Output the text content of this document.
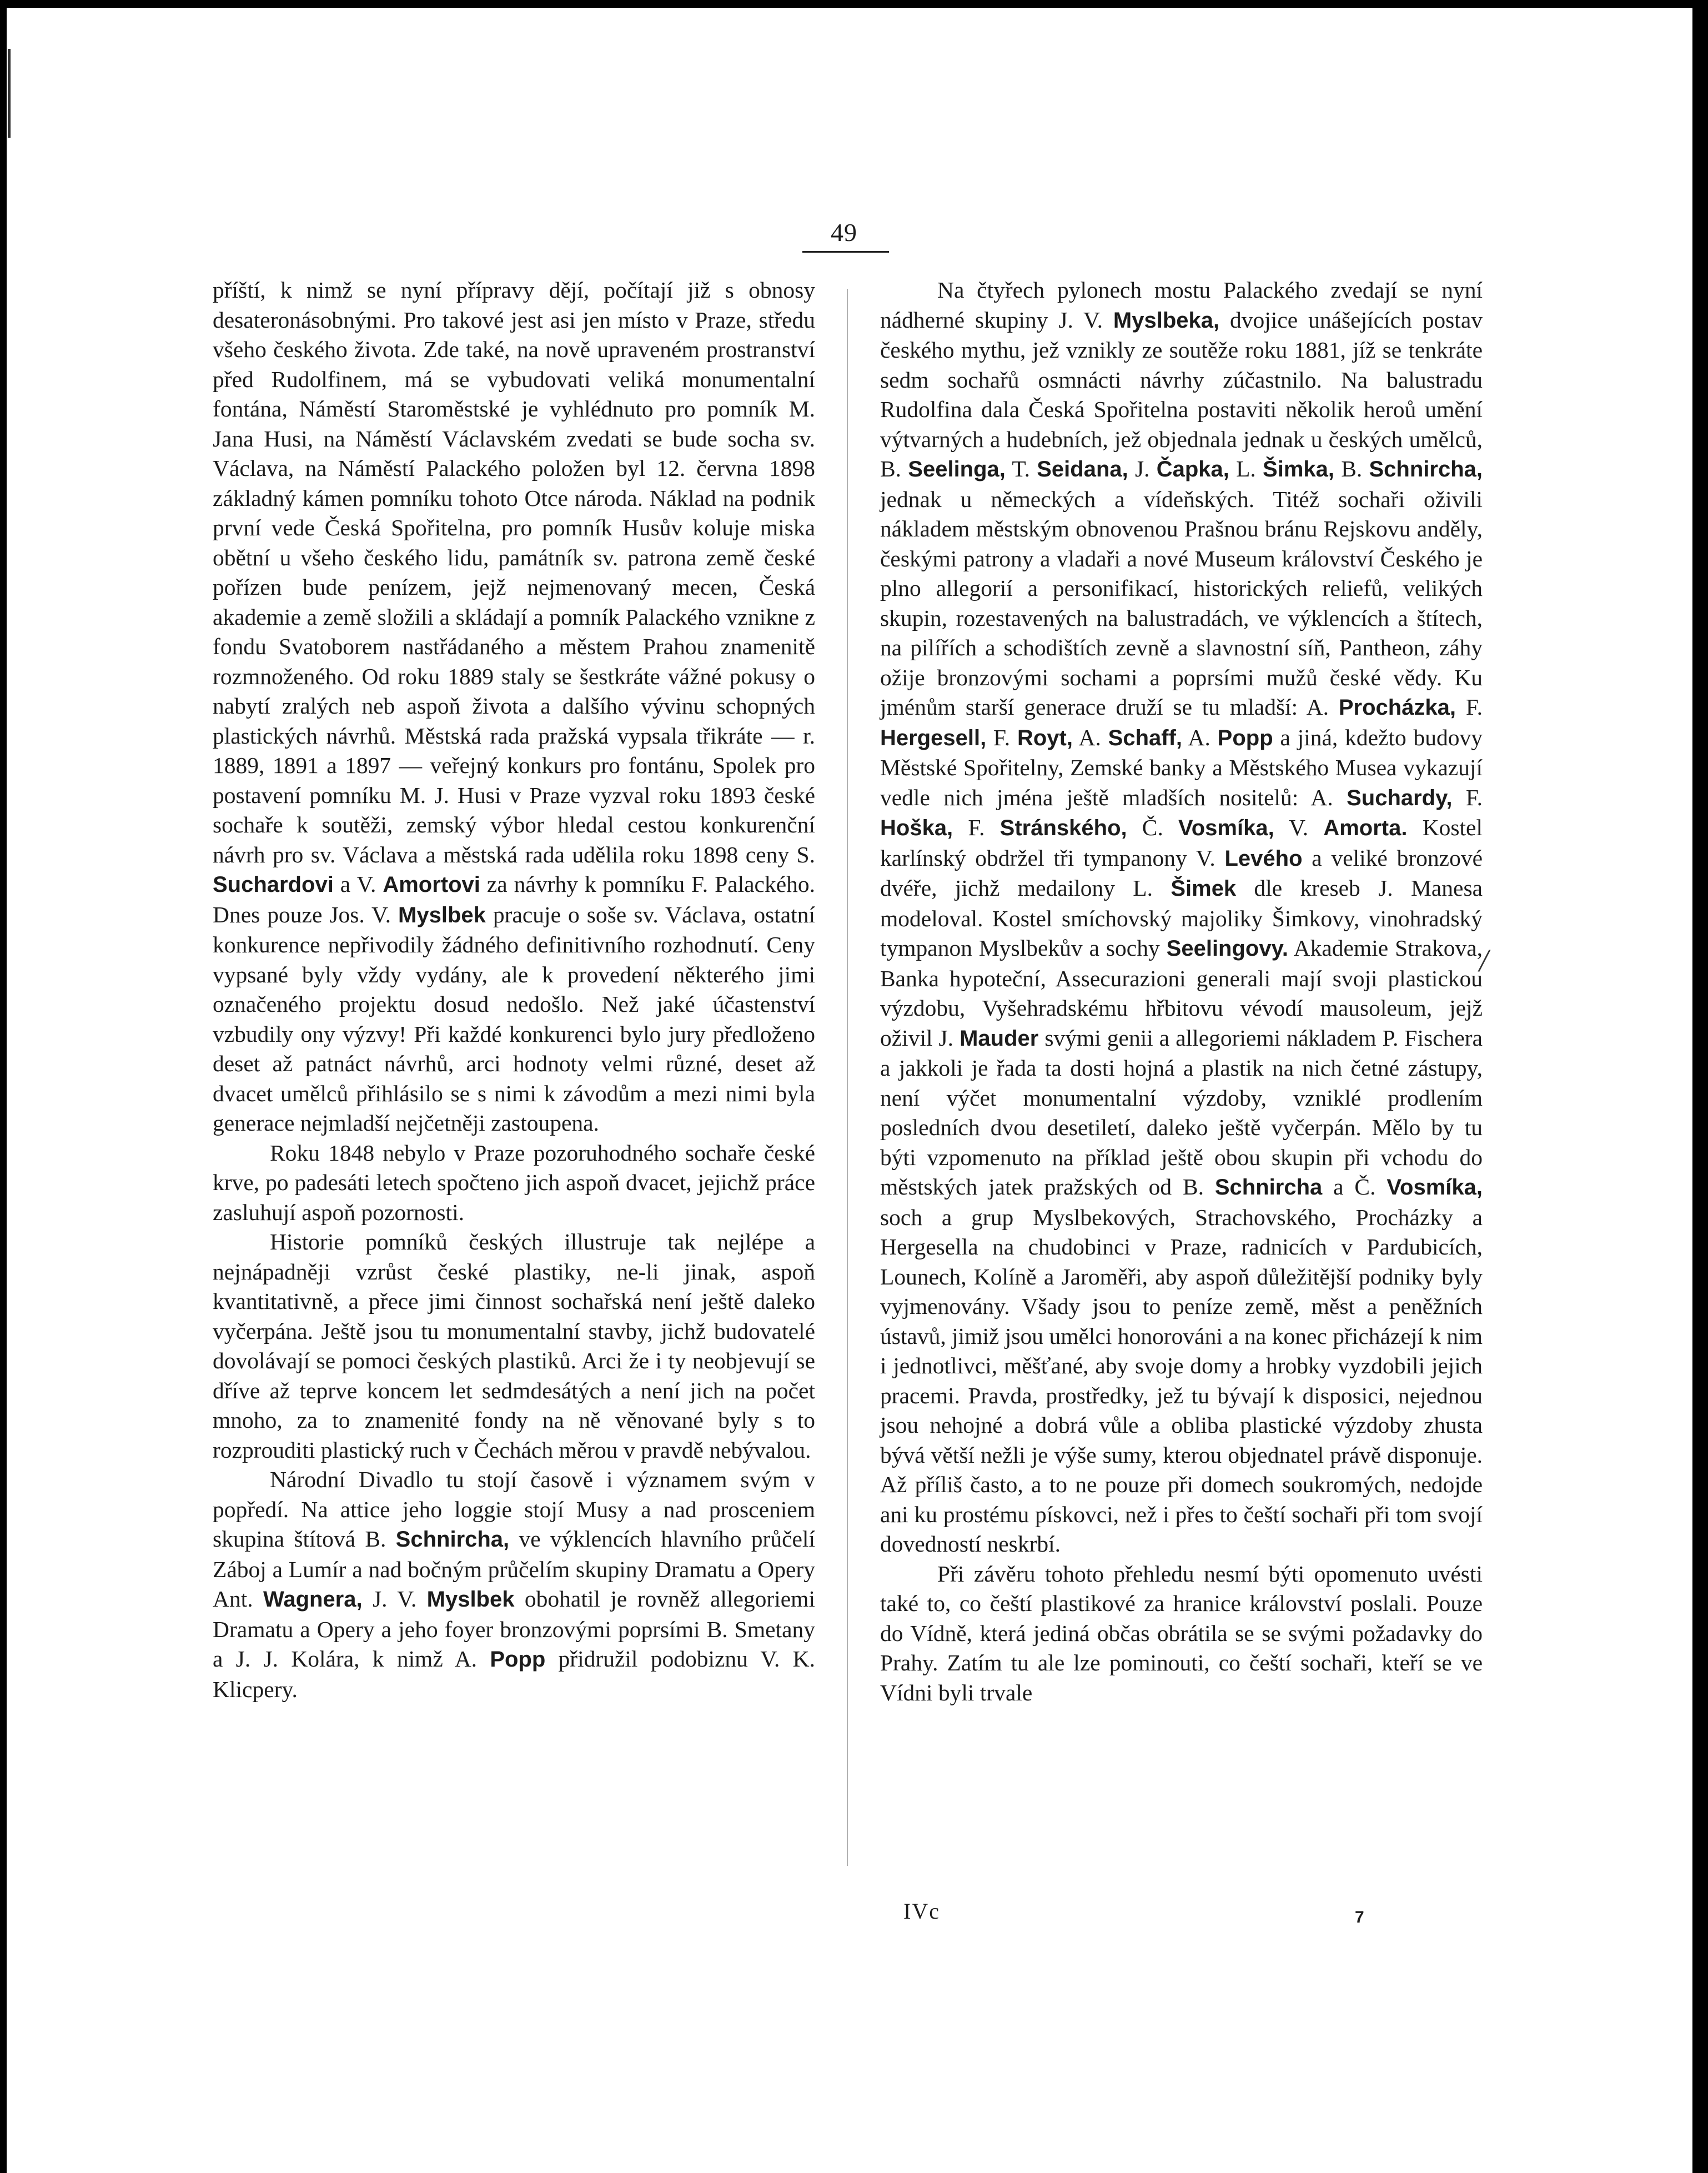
49

příští, k nimž se nyní přípravy dějí, počítají již s obnosy desateronásobnými. Pro takové jest asi jen místo v Praze, středu všeho českého života. Zde také, na nově upraveném prostranství před Rudolfinem, má se vybudovati veliká monumentalní fontána, Náměstí Staroměstské je vyhlédnuto pro pomník M. Jana Husi, na Náměstí Václavském zvedati se bude socha sv. Václava, na Náměstí Palackého položen byl 12. června 1898 základný kámen pomníku tohoto Otce národa. Náklad na podnik první vede Česká Spořitelna, pro pomník Husův koluje miska obětní u všeho českého lidu, památník sv. patrona země české pořízen bude penízem, jejž nejmenovaný mecen, Česká akademie a země složili a skládají a pomník Palackého vznikne z fondu Svatoborem nastřádaného a městem Prahou znamenitě rozmnoženého. Od roku 1889 staly se šestkráte vážné pokusy o nabytí zralých neb aspoň života a dalšího vývinu schopných plastických návrhů. Městská rada pražská vypsala třikráte — r. 1889, 1891 a 1897 — veřejný konkurs pro fontánu, Spolek pro postavení pomníku M. J. Husi v Praze vyzval roku 1893 české sochaře k soutěži, zemský výbor hledal cestou konkurenční návrh pro sv. Václava a městská rada udělila roku 1898 ceny S. Suchardovi a V. Amortovi za návrhy k pomníku F. Palackého. Dnes pouze Jos. V. Myslbek pracuje o soše sv. Václava, ostatní konkurence nepřivodily žádného definitivního rozhodnutí. Ceny vypsané byly vždy vydány, ale k provedení některého jimi označeného projektu dosud nedošlo. Než jaké účastenství vzbudily ony výzvy! Při každé konkurenci bylo jury předloženo deset až patnáct návrhů, arci hodnoty velmi různé, deset až dvacet umělců přihlásilo se s nimi k závodům a mezi nimi byla generace nejmladší nejčetněji zastoupena.

Roku 1848 nebylo v Praze pozoruhodného sochaře české krve, po padesáti letech spočteno jich aspoň dvacet, jejichž práce zasluhují aspoň pozornosti.

Historie pomníků českých illustruje tak nejlépe a nejnápadněji vzrůst české plastiky, ne-li jinak, aspoň kvantitativně, a přece jimi činnost sochařská není ještě daleko vyčerpána. Ještě jsou tu monumentalní stavby, jichž budovatelé dovolávají se pomoci českých plastiků. Arci že i ty neobjevují se dříve až teprve koncem let sedmdesátých a není jich na počet mnoho, za to znamenité fondy na ně věnované byly s to rozprouditi plastický ruch v Čechách měrou v pravdě nebývalou.

Národní Divadlo tu stojí časově i významem svým v popředí. Na attice jeho loggie stojí Musy a nad prosceniem skupina štítová B. Schnircha, ve výklencích hlavního průčelí Záboj a Lumír a nad bočným průčelím skupiny Dramatu a Opery Ant. Wagnera, J. V. Myslbek obohatil je rovněž allegoriemi Dramatu a Opery a jeho foyer bronzovými poprsími B. Smetany a J. J. Kolára, k nimž A. Popp přidružil podobiznu V. K. Klicpery.

Na čtyřech pylonech mostu Palackého zvedají se nyní nádherné skupiny J. V. Myslbeka, dvojice unášejících postav českého mythu, jež vznikly ze soutěže roku 1881, jíž se tenkráte sedm sochařů osmnácti návrhy zúčastnilo. Na balustradu Rudolfina dala Česká Spořitelna postaviti několik heroů umění výtvarných a hudebních, jež objednala jednak u českých umělců, B. Seelinga, T. Seidana, J. Čapka, L. Šimka, B. Schnircha, jednak u německých a vídeňských. Titéž sochaři oživili nákladem městským obnovenou Prašnou bránu Rejskovu anděly, českými patrony a vladaři a nové Museum království Českého je plno allegorií a personifikací, historických reliefů, velikých skupin, rozestavených na balustradách, ve výklencích a štítech, na pilířích a schodištích zevně a slavnostní síň, Pantheon, záhy ožije bronzovými sochami a poprsími mužů české vědy. Ku jménům starší generace druží se tu mladší: A. Procházka, F. Hergesell, F. Royt, A. Schaff, A. Popp a jiná, kdežto budovy Městské Spořitelny, Zemské banky a Městského Musea vykazují vedle nich jména ještě mladších nositelů: A. Suchardy, F. Hoška, F. Stránského, Č. Vosmíka, V. Amorta. Kostel karlínský obdržel tři tympanony V. Levého a veliké bronzové dvéře, jichž medailony L. Šimek dle kreseb J. Manesa modeloval. Kostel smíchovský majoliky Šimkovy, vinohradský tympanon Myslbekův a sochy Seelingovy. Akademie Strakova, Banka hypoteční, Assecurazioni generali mají svoji plastickou výzdobu, Vyšehradskému hřbitovu vévodí mausoleum, jejž oživil J. Mauder svými genii a allegoriemi nákladem P. Fischera a jakkoli je řada ta dosti hojná a plastik na nich četné zástupy, není výčet monumentalní výzdoby, vzniklé prodlením posledních dvou desetiletí, daleko ještě vyčerpán. Mělo by tu býti vzpomenuto na příklad ještě obou skupin při vchodu do městských jatek pražských od B. Schnircha a Č. Vosmíka, soch a grup Myslbekových, Strachovského, Procházky a Hergesella na chudobinci v Praze, radnicích v Pardubicích, Lounech, Kolíně a Jaroměři, aby aspoň důležitější podniky byly vyjmenovány. Všady jsou to peníze země, měst a peněžních ústavů, jimiž jsou umělci honorováni a na konec přicházejí k nim i jednotlivci, měšťané, aby svoje domy a hrobky vyzdobili jejich pracemi. Pravda, prostředky, jež tu bývají k disposici, nejednou jsou nehojné a dobrá vůle a obliba plastické výzdoby zhusta bývá větší nežli je výše sumy, kterou objednatel právě disponuje. Až příliš často, a to ne pouze při domech soukromých, nedojde ani ku prostému pískovci, než i přes to čeští sochaři při tom svojí dovedností neskrbí.

Při závěru tohoto přehledu nesmí býti opomenuto uvésti také to, co čeští plastikové za hranice království poslali. Pouze do Vídně, která jediná občas obrátila se se svými požadavky do Prahy. Zatím tu ale lze pominouti, co čeští sochaři, kteří se ve Vídni byli trvale

/
IVc	7
